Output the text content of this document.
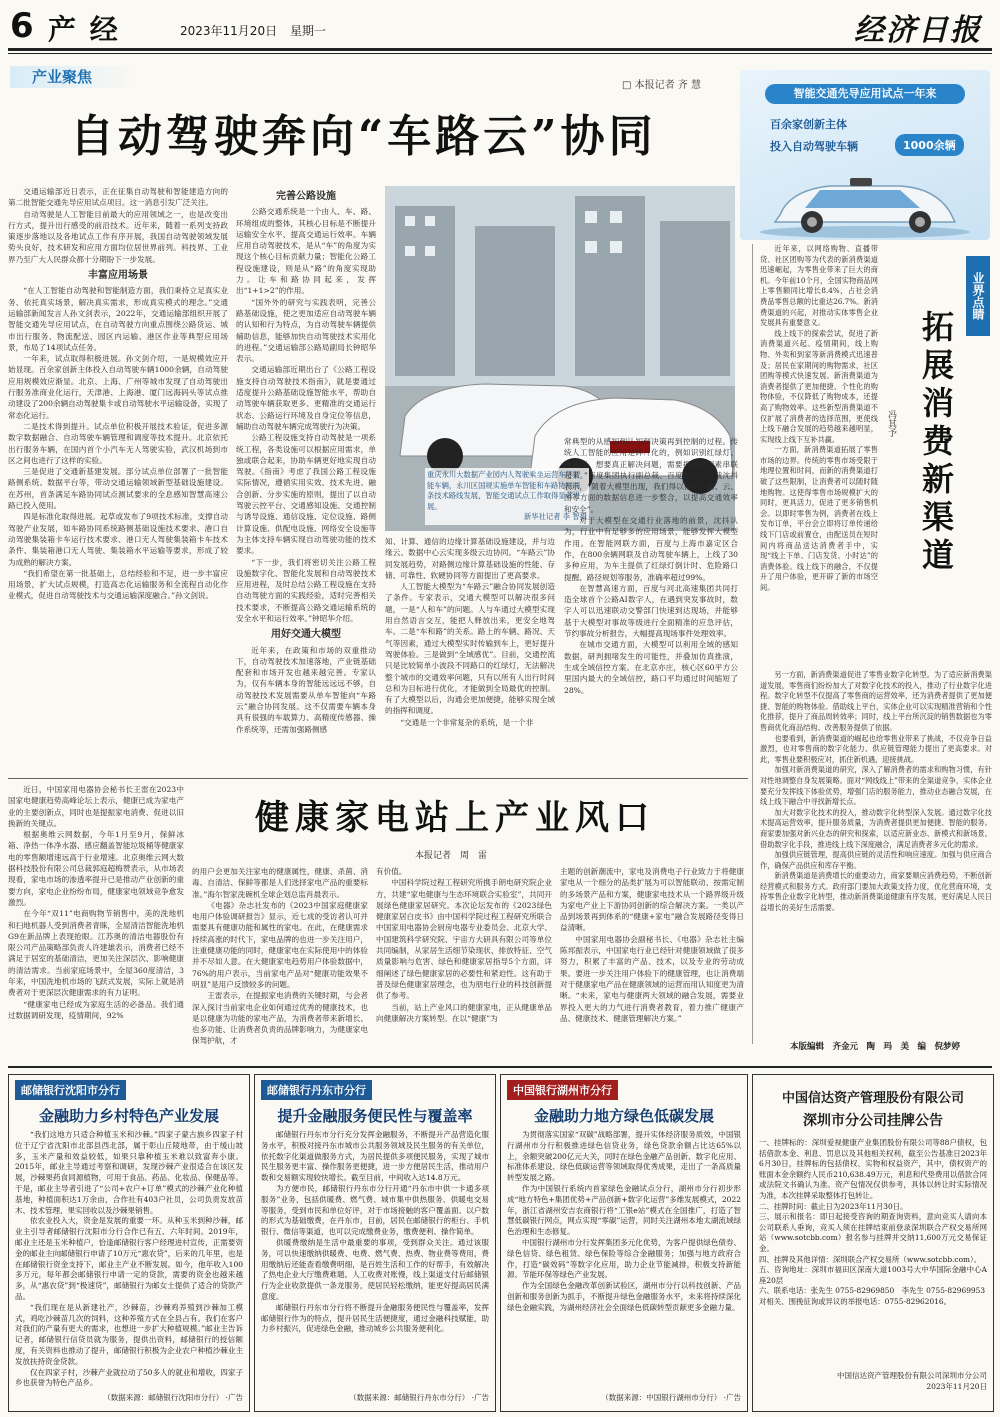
6 产 经	2023年11月20日 星期一	经济日报
产业聚焦	□ 本报记者 齐 慧
自动驾驶奔向“车路云”协同
智能交通先导应用试点一年来
百余家创新主体
投入自动驾驶车辆	1000余辆

交通运输部近日表示，正在征集自动驾驶和智能建造方向的第二批智能交通先导应用试点项目。这一消息引发广泛关注。

自动驾驶是人工智能目前最大的应用领域之一，也是改变出行方式，提升出行感受的前沿技术。近年来，随着一系列支持政策逐步落地以及各地试点工作有序开展，我国自动驾驶领域发展势头良好，技术研发和应用方面均位居世界前列。科技界、工业界乃至广大人民群众都十分期盼下一步发展。

丰富应用场景

“在人工智能自动驾驶和智能制造方面，我们秉持立足真实业务、依托真实场景，解决真实需求，形成真实模式的理念。”交通运输部新闻发言人孙文剑表示，2022年，交通运输部组织开展了智能交通先导应用试点，在自动驾驶方向重点围绕公路货运、城市出行服务、物流配送、园区内运输、港区作业等典型应用场景，布局了14项试点任务。

一年来，试点取得积极进展。孙文剑介绍，一是规模效应开始显现。百余家创新主体投入自动驾驶车辆1000余辆，自动驾驶应用规模效应渐显。北京、上海、广州等城市发现了自动驾驶出行服务准商业化运行，天津港、上海港、厦门远海码头等试点推动建设了200余辆自动驾驶集卡或自动驾驶水平运输设备，实现了常态化运行。

二是技术得到提升。试点单位积极开展技术验证，促进多源数字数据融合、自动驾驶车辆管理和调度等技术提升。北京依托出行服务车辆，在国内首个小汽车无人驾驶实验，武汉机场到市区之间也进行了这样的实验。

三是促进了交通新基建发展。部分试点单位部署了一批智能路侧系统、数据平台等，带动交通运输领域新型基础设施建设。在苏州，首条满足车路协同试点测试要求的全息感知智慧高速公路已投入使用。

四是标准化取得进展。起草或发布了9项技术标准，支撑自动驾驶产业发展，如车路协同系统路侧基础设施技术要求、港口自动驾驶集装箱卡车运行技术要求、港口无人驾驶集装箱卡车技术条件、集装箱港口无人驾驶、集装箱水平运输等要求，形成了较为成熟的解决方案。

“我们希望在第一批基础上，总结经验和不足，进一步丰富应用场景，扩大试点规模，打造高志化运输服务和全流程自动化作业模式，促进自动驾驶技术与交通运输深度融合。”孙文剑说。

完善公路设施

公路交通系统是一个由人、车、路、环境组成的整体，其核心目标是不断提升运输安全水平、提高交通运行效率。车辆应用自动驾驶技术，是从“车”的角度为实现这个核心目标贡献力量；智能化公路工程设施建设，则是从“路”的角度实现助力。让车和路协同起来，发挥出“1+1>2”的作用。

“国外外的研究与实践表明，完善公路基础设施，使之更加适应自动驾驶车辆的认知和行为特点，为自动驾驶车辆提供辅助信息，能够加快自动驾驶技术实用化的进程。”交通运输部公路局副局长钟昭华表示。

交通运输部近期出台了《公路工程设施支持自动驾驶技术指南》，就是要通过适度提升公路基础设施智能水平，帮助自动驾驶车辆获取更多、更精准的交通运行状态、公路运行环境及自身定位等信息，辅助自动驾驶车辆完成驾驶行为决策。

公路工程设施支持自动驾驶是一项系统工程，各类设施可以根据应用需求，单独或联合起来，协助车辆更好地实现自动驾驶。《指南》考虑了我国公路工程设施实际情况，遵循实用实效、技术先进、融合创新、分步实施的原则，提出了以自动驾驶云控平台、交通感知设施、交通控制与诱导设施、通信设施、定位设施、路侧计算设施、供配电设施、网络安全设施等为主体支持车辆实现自动驾驶功能的技术要求。

“下一步，我们将密切关注公路工程设施数字化、智能化发展和自动驾驶技术应用进程，及时总结公路工程设施在支持自动驾驶方面的实践经验，适时完善相关技术要求，不断提高公路交通运输系统的安全水平和运行效率。”钟昭华介绍。

用好交通大模型

近年来，在政策和市场的双重推动下，自动驾驶技术加速落地，产业链基础配套和市场开发也越来越完善。专家认为，仅有车辆本身的智能远远远不够，自动驾驶技术发展需要从单车智能向“车路云”融合协同发展。这不仅需要车辆本身具有很强的车载算力、高精度传感器、操作系统等，还需加强路侧感

重庆永川大数据产业园内人驾驶乘坐运营车等智能车辆，永川区国规实施单车智能和车路协同两条技术路线发展，智能交通试点工作取得显著进展。
新华社记者 李 智摄

知、计算、通信的边缘计算基础设施建设，并与边缘云、数据中心云实现多级云边协同。“车路云”协同发展趋势，对路侧边缘计算基础设施的性能、存储、可靠性、软硬协同等方面提出了更高要求。

人工智能大模型为“车路云”融合协同发展创造了条件。专家表示，交通大模型可以解决很多问题，一是“人和车”的问题。人与车通过大模型实现用自然语言交互，能把人释放出来，更安全地驾车。二是“车和路”的关系。路上的车辆、路况、天气等因素，通过大模型实时传输到车上，更好提升驾驶体验。三是做到“全域感优”。目前，交通控流只是比较简单小波段不同路口的红绿灯，无法解决整个城市的交通效率问题，只有以所有人出行时间总和为目标进行优化，才能做到全局最优的控制。有了大模型以后，沟通会更加便捷，能够实现全域的指挥和调度。

“交通是一个非常复杂的系统，是一个非

常典型的从感知到认知到决策再到控制的过程。传统人工智能的应用是碎片化的，例如识别红绿灯、违章等。想要真正解决问题，需要把所有因素串联起来。”百度集团执行副总裁、百度智能云总裁沈抖表示，“随着大模型出现，我们得以把车、路、云、图等方面的数据信息进一步整合，以提高交通效率和安全”。

对于大模型在交通行业落地的前景，沈抖认为，行业中有足够多的应用场景，能够发挥大模型作用。在智能网联方面，百度与上海市嘉定区合作，在800余辆网联及自动驾驶车辆上，上线了30多种应用，为车主提供了红绿灯倒计时、危险路口提醒、路径规划等服务，准确率超过99%。

在智慧高速方面，百度与河北高速集团共同打造全球首个公路AI数字人，在遇到突发事故时，数字人可以迅速联动交警部门快速到达现场，并能够基于大模型对事故等级进行全面精准的应急评估，节约事故分析报告，大幅提高现场事件处理效率。

在城市交通方面，大模型可以利用全域的感知数据，研判拥堵发生的可能性，并叠加仿真推演，生成全域信控方案。在北京亦庄，核心区60平方公里国内最大的全域信控，路口平均通过时间缩短了28%。

业界点睛
拓展消费新渠道
冯其予

近年来，以网络购物、直播带货、社区团购等为代表的新消费渠道迅速崛起，为零售业带来了巨大的商机。今年前10个月，全国实物商品网上零售额同比增长8.4%，占社会消费品零售总额的比重达26.7%。新消费渠道的兴起，对推动实体零售企业发展具有重要意义。

线上线下的探索尝试，促进了新消费渠道兴起。疫情期间，线上购物、外卖和到家等新消费模式迅速普及；居民在家期间的购物需求，社区团购等模式快速发展。新消费渠道为消费者提供了更加便捷、个性化的购物体验，不仅降低了购物成本，还提高了购物效率。这些新型消费渠道不仅扩展了消费者的选择范围，更使线上线下融合发展的趋势越来越明显，实现线上线下互补共赢。

一方面，新消费渠道拓展了零售市场的边界。传统的零售市场受限于地理位置和时间，而新的消费渠道打破了这些限制，让消费者可以随时随地购物。这使得零售市场规模扩大的同时，更具活力，促进了更多销售机会。以即时零售为例，消费者在线上发布订单，平台会立即将订单传递给线下门店或前置仓，由配送员在短时间内将商品送达消费者手中，实现“线上下单、门店发货、小时达”的消费体验。线上线下的融合，不仅提升了用户体验，更开辟了新的市场空间。

另一方面，新消费渠道促进了零售业数字化转型。为了适应新消费渠道发展，零售商们纷纷加大了对数字化技术的投入，推动了行业数字化进程。数字化转型不仅提高了零售商的运营效率，还为消费者提供了更加便捷、智能的购物体验。借助线上平台，实体企业可以实现精准营销和个性化推荐，提升了商品周转效率；同时，线上平台所沉淀的销售数据也为零售商优化商品结构、改善服务提供了依据。

也要看到，新消费渠道的崛起也给零售业带来了挑战，不仅竞争日益激烈，也对零售商的数字化能力、供应链管理能力提出了更高要求。对此，零售业要积极应对，抓住新机遇，迎接挑战。

加强对新消费渠道的研究，深入了解消费者的需求和购物习惯，有针对性地调整自身发展策略。面对“网线线上”带来的全渠道竞争，实体企业要充分发挥线下体验优势，增强门店的服务能力，推动业态融合发展，在线上线下融合中寻找新增长点。

加大对数字化技术的投入，推动数字化转型深入发展。通过数字化技术提高运营效率，提升服务质量，为消费者提供更加便捷、智能的服务。商家要加强对新兴业态的研究和探索，以适应新业态、新模式和新场景。借助数字化手段，推进线上线下深度融合，满足消费者多元化的需求。

加强供应链管理，提高供应链的灵活性和响应速度。加强与供应商合作，确保产品供应和库存平衡。

新消费渠道是消费增长的重要动力，商家要顺应消费趋势，不断创新经营模式和服务方式。政府部门要加大政策支持力度，优化营商环境，支持零售企业数字化转型，推动新消费渠道健康有序发展，更好满足人民日益增长的美好生活需要。

本版编辑　齐金元　陶　玛　美　编　倪梦婷
健康家电站上产业风口
本报记者　周　雷

近日，中国家用电器协会秘书长王雷在2023中国家电健康趋势高峰论坛上表示，健康已成为家电产业的主要创新点，同时也是提振家电消费、促进以旧换新的关键点。

根据奥维云网数据，今年1月至9月，保鲜冰箱、净热一体净水器、感应翻盖智能垃圾桶等健康家电的零售额增速远高于行业增速。北京奥维云网大数据科技股份有限公司总裁郭庭超梅赞表示，从市场表现看，家电市场的渗透率提升已是推动产业创新的重要方向，家电企业纷纷布局，健康家电领域竞争愈发激烈。

在今年“双11”电商购物节销售中，美的洗地机和扫地机器人受到消费者青睐，全屋清洁智能洗地机G9在新品牌上表现抢眼。江苏奥的清洁电器股份有限公司产品策略部负责人许建雄表示，消费者已经不满足于居室的基础清洁，更加关注深层次、影响健康的清洁需求。当前家庭场景中，全屋360度清洁，3年来，中国洗地机市场的飞跃式发展，实际上就是消费者对于更深层次健康需求的有力证明。

“健康家电已经成为家庭生活的必备品。我们通过数据调研发现，疫情期间，92%

的用户会更加关注家电的健康属性，健康、杀菌、消毒、自清洁、保鲜等都是人们选择家电产品的重要标准。”海尔智家洗碗机全球企划总监肖晨表示。

《电器》杂志社发布的《2023中国家庭健康家电用户体验调研报告》显示，近七成的受访者认可并需要具有健康功能和属性的家电。在此，在健康需求持续高涨的时代下，家电品牌的也进一步关注用户，注重健康功能的同时，健康家电在实际使用中的体验并不尽如人意。在大健康家电趋势用户体验数据中，76%的用户表示，当前家电产品对“健康功能效果不明显”是用户反馈较多的问题。

王雷表示，在提振家电消费的关键时期，与会者深入探讨当前家电企业如何通过优秀的健康技术，也是以健康为功能的家电产品，为消费者带来新增长、也多功能、让消费者负责的品牌影响力，为健康家电保驾护航，才

有价值。

中国科学院过程工程研究所携手朗电研究院企业方，共建“家电健康与生态环境联合实验室”，共同开展绿色健康家居研究。本次论坛发布的《2023绿色健康家居白皮书》由中国科学院过程工程研究所联合中国家用电器协会厨房电器专业委员会、北京大学、中国建筑科学研究院、宇宙方大研具有限公司等单位共同编制，从家居生活细节染现状、排放特征、空气质量影响与危害、绿色和健康家居指导5个方面，详细阐述了绿色健康家居的必要性和紧迫性。这有助于普及绿色健康家居理念，也为朋电行业的科技创新提供了参考。

当前，站上产业风口的健康家电，正从健康单品向健康解决方案转型。在以“健康”为

主题的创新潮流中，家电及消费电子行业致力于将健康家电从一个细分的品类扩展为可以智能联动、按需定制的多场景产品和方案，健康家电技术从一个路界级升级为家电产业上下游协同创新的综合解决方案。一类以产品到场景再到体系的“健康+家电”融合发展路径变得日益清晰。

中国家用电器协会副秘书长、《电器》杂志社主编陈邦振表示，中国家电行业已经针对健康领域做了很多努力，积累了丰富的产品、技术，以及专业的劳动成果。要进一步关注用户体验下的健康管理，也让消费端对于健康家电产品在健康领域的运营而用认知度更为清晰。“未来，家电与健康两大领域的融合发展，需要业界投入更大的力气进行消费者教育，着力推广健康产品、健康技术、健康管理解决方案。”

邮储银行沈阳市分行
金融助力乡村特色产业发展

“我们这地方只适合种植玉米和沙棘。”四家子蒙古族乡四家子村位于辽宁省沈阳市北部县西北部，属于彰山丘陵地带，由于缓山坡多，玉米产量和效益较低，如果只靠种植玉米难以致富奔小康。2015年，邮业主导通过考察和调研，发现沙棘产业很适合在该区发展，沙棘果药食同源植物，可用于食品、药品、化妆品、保健品等。于是，邮业主导者引进了“公司+农户+订单”模式的沙棘产业化种植基地，种植面积达1万余亩，合作社有403户社员，公司负责发放苗木、技术管理、果实回收以及沙棘果销售。

依农业投入大，资金是发展的重要一环。从种玉米到种沙棘，邮业主引导者邮储银行沈阳市分行合作已有五、六年时间。2019年，邮业主还是玉米种植户，恰逢邮储银行客户经理进村宣传，正需要资金的邮业主向邮储银行申请了10万元“惠农贷”，后来的几年里，也是在邮储银行资金支持下，邮业主产业不断发展。如今，他年收入100多万元，每年都会邮储银行申请一定的贷款，需要的资金也越来越多，从“惠农贷”到“极速贷”，邮储银行为邮女士提供了适合的贷款产品。

“我们现在是从新建社产，沙棘苗，沙棘鸡养殖到沙棘加工模式，鸡吃沙棘苗几次的饲料，这种养殖方式在全县占有。我们在客户对我们的产量有更大的需求，也想进一步扩大种植规模。”邮业主告诉记者，邮储银行信贷员就为服务，提供出资料，邮储银行的授信额度，有关资料也推动了提升，邮储银行积极为企业农户种植沙棘业主发放扶持资金贷款。

仅在四家子村，沙棘产业就拉动了50多人的就业和增收，四家子乡也获誉为特色产品乡。

（数据来源：邮储银行沈阳市分行） ·广告
邮储银行丹东市分行
提升金融服务便民性与覆盖率

邮储银行丹东市分行充分发挥金融服务，不断提升产品营造化服务水平，积极对接丹东市城市公共服务领域及民生服务的有关单位，依托数字化渠道做服务方式，为居民提供多项便民服务，实现了城市民生服务更丰富、操作服务更便捷，进一步方便居民生活，推动用户数和交易额实现较快增长。截至目前，中间收入达14.8万元。

为方便市民，邮储银行丹东市分行开通“丹东市中供一卡通多项服务”业务，包括供暖费、燃气费、城市集中供热服务、供暖电交易等服务，受到市民和单位好评，对于市场接触的客户覆盖面、以户数的形式为基础缴费，在丹东市，目前，居民在邮储银行的柜台、手机银行、微信等渠道，也可以完成缴费业务，缴费便利、操作简单。

供暖费缴纳是生活中最重要的事项，受到群众关注。通过该服务，可以快速缴纳供暖费、电费、燃气费、热费、物业费等费用，费用缴纳后还能查看缴费明细，是百姓生活和工作的好帮手，有效解决了热电企业大厅缴费难题。人工收费对账慢，线上渠道支付后邮储银行为企业收款提供一条龙服务，使居民轻松缴纳，能更好提高居民满意度。

邮储银行丹东市分行将不断提升金融服务便民性与覆盖率，发挥邮储银行作为的特点，提升居民生活便捷度，通过金融科技赋能，助力乡村振兴，促进绿色金融，推动城乡公共服务便利化。

（数据来源：邮储银行丹东市分行） ·广告
中国银行湖州市分行
金融助力地方绿色低碳发展

为贯彻落实国家“双碳”战略部署，提升实体经济服务质效，中国银行湖州市分行积极推进绿色信贷业务，绿色贷款余额占比达65%以上，余额突破200亿元大关，同时在绿色金融产品创新、数字化应用、标准体系建设、绿色低碳运营等领域取得优秀成果，走出了一条高质量转型发展之路。

作为中国银行系统内首家绿色金融试点分行，湖州市分行初步形成“地方特色+集团优势+产品创新+数字化运营”多维发展模式，2022年，浙江省湖州安吉农商银行将“工银e站”模式在全国推广，打造了智慧低碳银行网点，网点实现“零碳”运营，同时关注湖州本地太湖流域绿色治理和生态修复。

中国银行湖州市分行发挥集团多元化优势，为客户提供绿色债券、绿色信贷、绿色租赁、绿色保险等综合金融服务；加强与地方政府合作，打造“碳效码”等数字化应用，助力企业节能减排，积极支持新能源、节能环保等绿色产业发展。

作为全国绿色金融改革创新试验区，湖州市分行以科技创新、产品创新和服务创新为抓手，不断提升绿色金融服务水平，未来将持续深化绿色金融实践，为湖州经济社会全面绿色低碳转型贡献更多金融力量。

（数据来源：中国银行湖州市分行） ·广告
中国信达资产管理股份有限公司
深圳市分公司挂牌公告

一、挂牌标的：深圳爱视健康产业集团股份有限公司等88户债权，包括借款本金、利息、罚息以及其他相关权利，截至公告基准日2023年6月30日，挂牌标的包括债权、实物和权益资产，其中，债权资产的账面本金余额约人民币210,638.49万元，利息和代垫费用以借款合同或法院文书确认为准。资产包情况仅供参考，具体以转让时实际情况为准，本次挂牌采取整体打包转让。

二、挂牌时间：截止日为2023年11月30日。

三、展示和报名：即日起接受咨询的期查询资料，意向竞买人请向本公司联系人垂询，竞买人须在挂牌结束前登录深圳联合产权交易所网站（www.sotcbb.com）报名参与挂牌并交纳11,600万元交易保证金。

四、挂牌及其他详情：深圳联合产权交易所（www.sotcbb.com）。

五、咨询地址：深圳市福田区深南大道1003号大中华国际金融中心A座20层

六、联系电话：张先生 0755-82969850　李先生 0755-82969953

对相关、围挽征询或异议的举报电话：0755-82962016。

中国信达资产管理股份有限公司深圳市分公司
2023年11月20日
